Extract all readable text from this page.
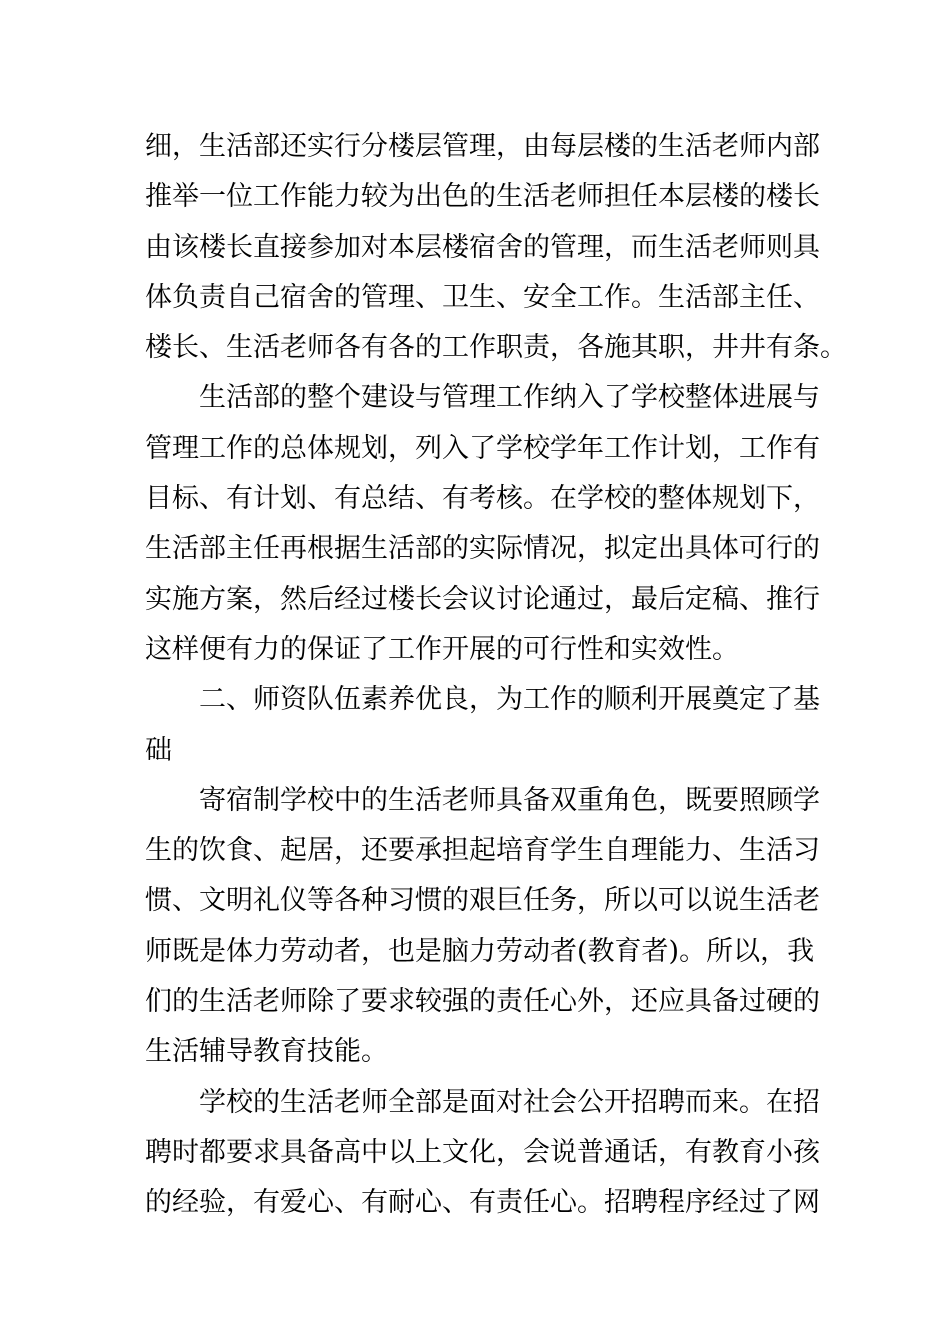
细，生活部还实行分楼层管理，由每层楼的生活老师内部
推举一位工作能力较为出色的生活老师担任本层楼的楼长
由该楼长直接参加对本层楼宿舍的管理，而生活老师则具
体负责自己宿舍的管理、卫生、安全工作。生活部主任、
楼长、生活老师各有各的工作职责，各施其职，井井有条。
生活部的整个建设与管理工作纳入了学校整体进展与
管理工作的总体规划，列入了学校学年工作计划，工作有
目标、有计划、有总结、有考核。在学校的整体规划下，
生活部主任再根据生活部的实际情况，拟定出具体可行的
实施方案，然后经过楼长会议讨论通过，最后定稿、推行
这样便有力的保证了工作开展的可行性和实效性。
二、师资队伍素养优良，为工作的顺利开展奠定了基
础
寄宿制学校中的生活老师具备双重角色，既要照顾学
生的饮食、起居，还要承担起培育学生自理能力、生活习
惯、文明礼仪等各种习惯的艰巨任务，所以可以说生活老
师既是体力劳动者，也是脑力劳动者(教育者)。所以，我
们的生活老师除了要求较强的责任心外，还应具备过硬的
生活辅导教育技能。
学校的生活老师全部是面对社会公开招聘而来。在招
聘时都要求具备高中以上文化，会说普通话，有教育小孩
的经验，有爱心、有耐心、有责任心。招聘程序经过了网
